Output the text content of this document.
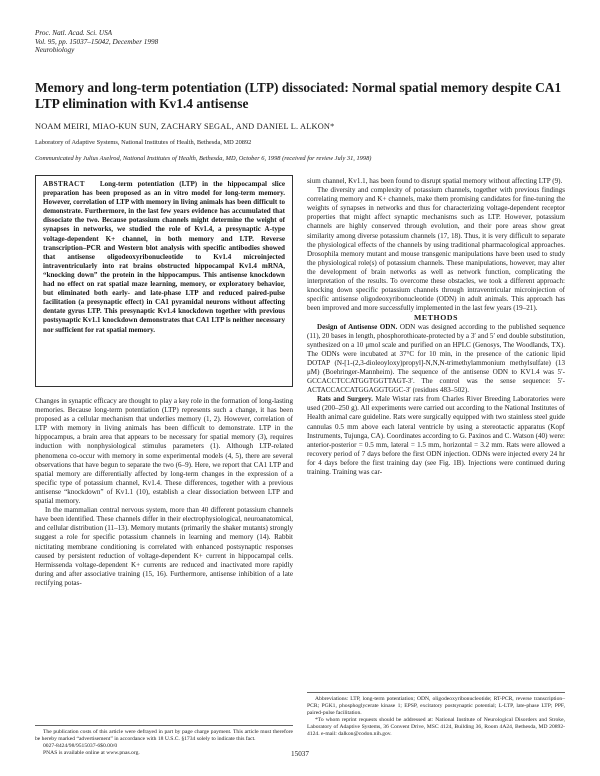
Proc. Natl. Acad. Sci. USA
Vol. 95, pp. 15037–15042, December 1998
Neurobiology
Memory and long-term potentiation (LTP) dissociated: Normal spatial memory despite CA1 LTP elimination with Kv1.4 antisense
NOAM MEIRI, MIAO-KUN SUN, ZACHARY SEGAL, AND DANIEL L. ALKON*
Laboratory of Adaptive Systems, National Institutes of Health, Bethesda, MD 20892
Communicated by Julius Axelrod, National Institutes of Health, Bethesda, MD, October 6, 1998 (received for review July 31, 1998)
ABSTRACT Long-term potentiation (LTP) in the hippocampal slice preparation has been proposed as an in vitro model for long-term memory. However, correlation of LTP with memory in living animals has been difficult to demonstrate. Furthermore, in the last few years evidence has accumulated that dissociate the two. Because potassium channels might determine the weight of synapses in networks, we studied the role of Kv1.4, a presynaptic A-type voltage-dependent K+ channel, in both memory and LTP. Reverse transcription–PCR and Western blot analysis with specific antibodies showed that antisense oligodeoxyribonucleotide to Kv1.4 microinjected intraventricularly into rat brains obstructed hippocampal Kv1.4 mRNA, “knocking down” the protein in the hippocampus. This antisense knockdown had no effect on rat spatial maze learning, memory, or exploratory behavior, but eliminated both early- and late-phase LTP and reduced paired-pulse facilitation (a presynaptic effect) in CA1 pyramidal neurons without affecting dentate gyrus LTP. This presynaptic Kv1.4 knockdown together with previous postsynaptic Kv1.1 knockdown demonstrates that CA1 LTP is neither necessary nor sufficient for rat spatial memory.

Changes in synaptic efficacy are thought to play a key role in the formation of long-lasting memories. Because long-term potentiation (LTP) represents such a change, it has been proposed as a cellular mechanism that underlies memory (1, 2). However, correlation of LTP with memory in living animals has been difficult to demonstrate. LTP in the hippocampus, a brain area that appears to be necessary for spatial memory (3), requires induction with nonphysiological stimulus parameters (1). Although LTP-related phenomena co-occur with memory in some experimental models (4, 5), there are several observations that have begun to separate the two (6–9). Here, we report that CA1 LTP and spatial memory are differentially affected by long-term changes in the expression of a specific type of potassium channel, Kv1.4. These differences, together with a previous antisense “knockdown” of Kv1.1 (10), establish a clear dissociation between LTP and spatial memory.

In the mammalian central nervous system, more than 40 different potassium channels have been identified. These channels differ in their electrophysiological, neuroanatomical, and cellular distribution (11–13). Memory mutants (primarily the shaker mutants) strongly suggest a role for specific potassium channels in learning and memory (14). Rabbit nictitating membrane conditioning is correlated with enhanced postsynaptic responses caused by persistent reduction of voltage-dependent K+ current in hippocampal cells. Hermissenda voltage-dependent K+ currents are reduced and inactivated more rapidly during and after associative training (15, 16). Furthermore, antisense inhibition of a late rectifying potas-

The publication costs of this article were defrayed in part by page charge payment. This article must therefore be hereby marked “advertisement” in accordance with 18 U.S.C. §1734 solely to indicate this fact.

0027-8424/98/9515037-6$0.00/0

PNAS is available online at www.pnas.org.

sium channel, Kv1.1, has been found to disrupt spatial memory without affecting LTP (9).

The diversity and complexity of potassium channels, together with previous findings correlating memory and K+ channels, make them promising candidates for fine-tuning the weights of synapses in networks and thus for characterizing voltage-dependent receptor properties that might affect synaptic mechanisms such as LTP. However, potassium channels are highly conserved through evolution, and their pore areas show great similarity among diverse potassium channels (17, 18). Thus, it is very difficult to separate the physiological effects of the channels by using traditional pharmacological approaches. Drosophila memory mutant and mouse transgenic manipulations have been used to study the physiological role(s) of potassium channels. These manipulations, however, may alter the development of brain networks as well as network function, complicating the interpretation of the results. To overcome these obstacles, we took a different approach: knocking down specific potassium channels through intraventricular microinjection of specific antisense oligodeoxyribonucleotide (ODN) in adult animals. This approach has been improved and more successfully implemented in the last few years (19–21).

METHODS

Design of Antisense ODN. ODN was designed according to the published sequence (11), 20 bases in length, phosphorothioate-protected by a 3′ and 5′ end double substitution, synthesized on a 10 μmol scale and purified on an HPLC (Genosys, The Woodlands, TX). The ODNs were incubated at 37°C for 10 min, in the presence of the cationic lipid DOTAP (N-[1-(2,3-dioleoyloxy)propyl]-N,N,N-trimethylammonium methylsulfate) (13 μM) (Boehringer-Mannheim). The sequence of the antisense ODN to KV1.4 was 5′-GCCACCTCCATGGTGGTTAGT-3′. The control was the sense sequence: 5′-ACTACCACCATGGAGGTGGC-3′ (residues 483–502).

Rats and Surgery. Male Wistar rats from Charles River Breeding Laboratories were used (200–250 g). All experiments were carried out according to the National Institutes of Health animal care guideline. Rats were surgically equipped with two stainless steel guide cannulas 0.5 mm above each lateral ventricle by using a stereotactic apparatus (Kopf Instruments, Tujunga, CA). Coordinates according to G. Paxinos and C. Watson (40) were: anterior-posterior = 0.5 mm, lateral = 1.5 mm, horizontal = 3.2 mm. Rats were allowed a recovery period of 7 days before the first ODN injection. ODNs were injected every 24 hr for 4 days before the first training day (see Fig. 1B). Injections were continued during training. Training was car-

Abbreviations: LTP, long-term potentiation; ODN, oligodeoxyribonucleotide; RT-PCR, reverse transcription–PCR; PGK1, phosphoglycerate kinase 1; EPSP, excitatory postsynaptic potential; L-LTP, late-phase LTP; PPF, paired-pulse facilitation.

*To whom reprint requests should be addressed at: National Institute of Neurological Disorders and Stroke, Laboratory of Adaptive Systems, 36 Convent Drive, MSC 4124, Building 36, Room 4A24, Bethesda, MD 20892-4124. e-mail: dalkon@codon.nih.gov.

15037
